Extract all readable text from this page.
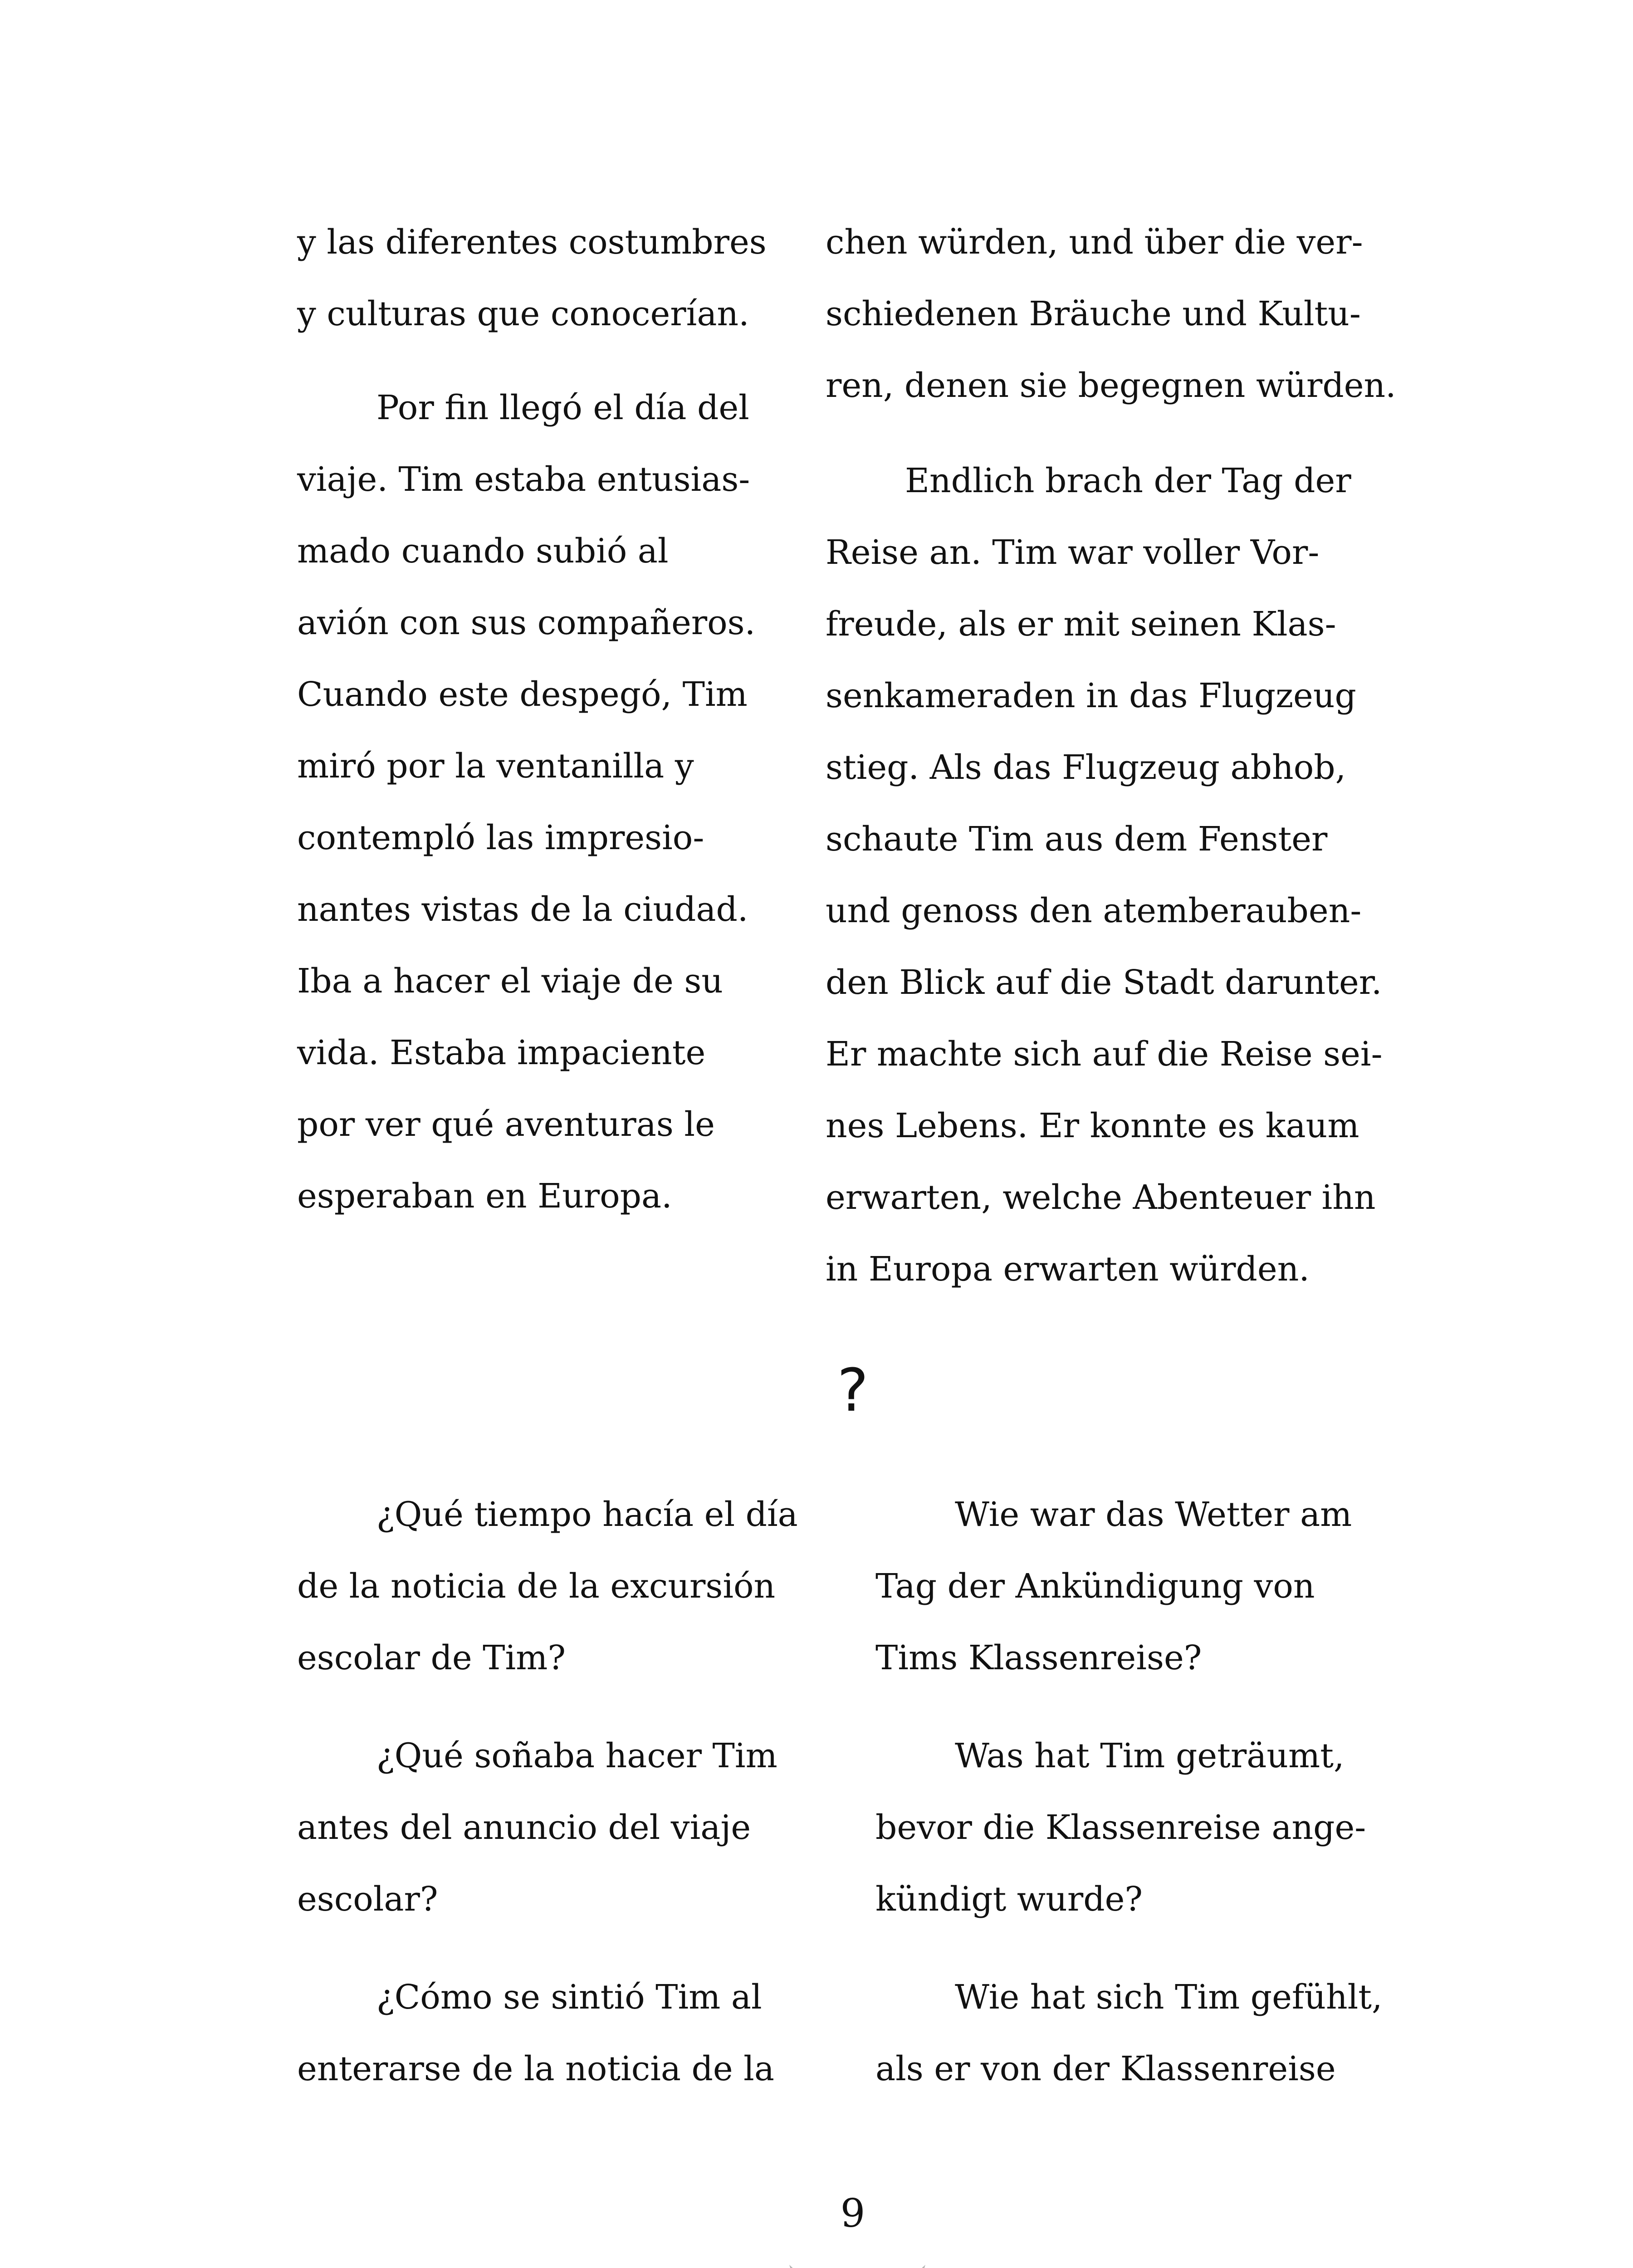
y las diferentes costumbres
y culturas que conocerían.
Por fin llegó el día del
viaje. Tim estaba entusias-
mado cuando subió al
avión con sus compañeros.
Cuando este despegó, Tim
miró por la ventanilla y
contempló las impresio-
nantes vistas de la ciudad.
Iba a hacer el viaje de su
vida. Estaba impaciente
por ver qué aventuras le
esperaban en Europa.
chen würden, und über die ver-
schiedenen Bräuche und Kultu-
ren, denen sie begegnen würden.
Endlich brach der Tag der
Reise an. Tim war voller Vor-
freude, als er mit seinen Klas-
senkameraden in das Flugzeug
stieg. Als das Flugzeug abhob,
schaute Tim aus dem Fenster
und genoss den atemberauben-
den Blick auf die Stadt darunter.
Er machte sich auf die Reise sei-
nes Lebens. Er konnte es kaum
erwarten, welche Abenteuer ihn
in Europa erwarten würden.
?
¿Qué tiempo hacía el día
de la noticia de la excursión
escolar de Tim?
¿Qué soñaba hacer Tim
antes del anuncio del viaje
escolar?
¿Cómo se sintió Tim al
enterarse de la noticia de la
Wie war das Wetter am
Tag der Ankündigung von
Tims Klassenreise?
Was hat Tim geträumt,
bevor die Klassenreise ange-
kündigt wurde?
Wie hat sich Tim gefühlt,
als er von der Klassenreise
9
